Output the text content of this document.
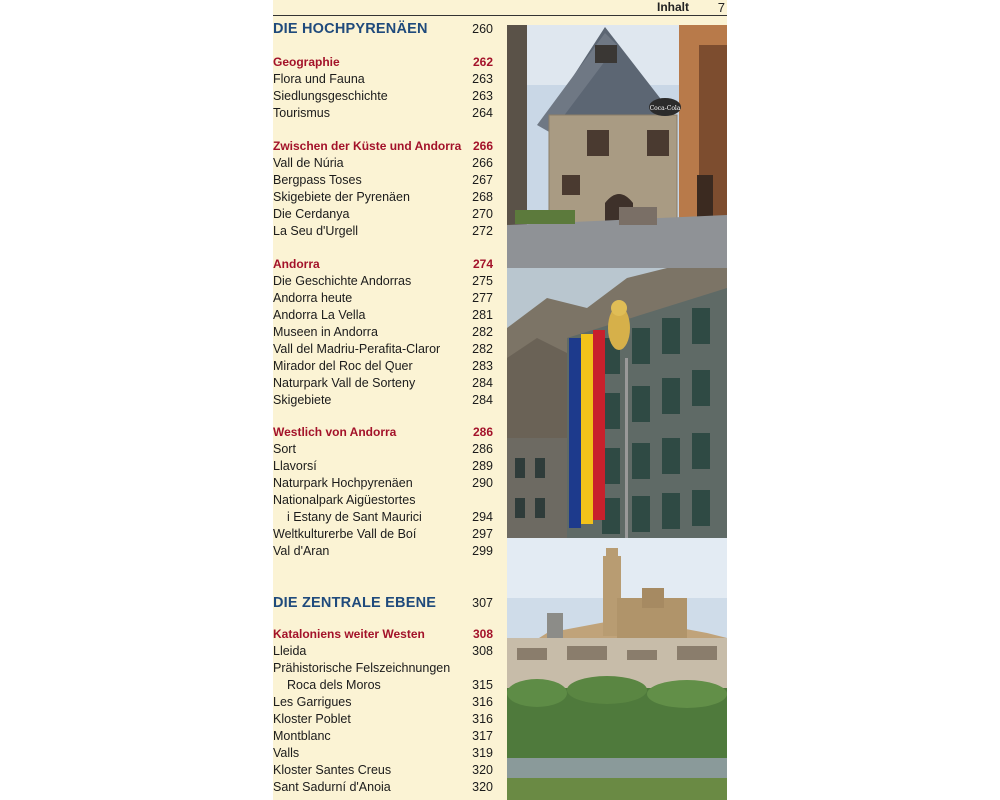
Inhalt 7
DIE HOCHPYRENÄEN	260
Geographie	262
Flora und Fauna	263
Siedlungsgeschichte	263
Tourismus	264
Zwischen der Küste und Andorra 266
Vall de Núria	266
Bergpass Toses	267
Skigebiete der Pyrenäen	268
Die Cerdanya	270
La Seu d'Urgell	272
Andorra	274
Die Geschichte Andorras	275
Andorra heute	277
Andorra La Vella	281
Museen in Andorra	282
Vall del Madriu-Perafita-Claror	282
Mirador del Roc del Quer	283
Naturpark Vall de Sorteny	284
Skigebiete	284
Westlich von Andorra	286
Sort	286
Llavorsí	289
Naturpark Hochpyrenäen	290
Nationalpark Aigüestortes
i Estany de Sant Maurici	294
Weltkulturerbe Vall de Boí	297
Val d'Aran	299
DIE ZENTRALE EBENE	307
Kataloniens weiter Westen	308
Lleida	308
Prähistorische Felszeichnungen
Roca dels Moros	315
Les Garrigues	316
Kloster Poblet	316
Montblanc	317
Valls	319
Kloster Santes Creus	320
Sant Sadurní d'Anoia	320
Coca-Cola
